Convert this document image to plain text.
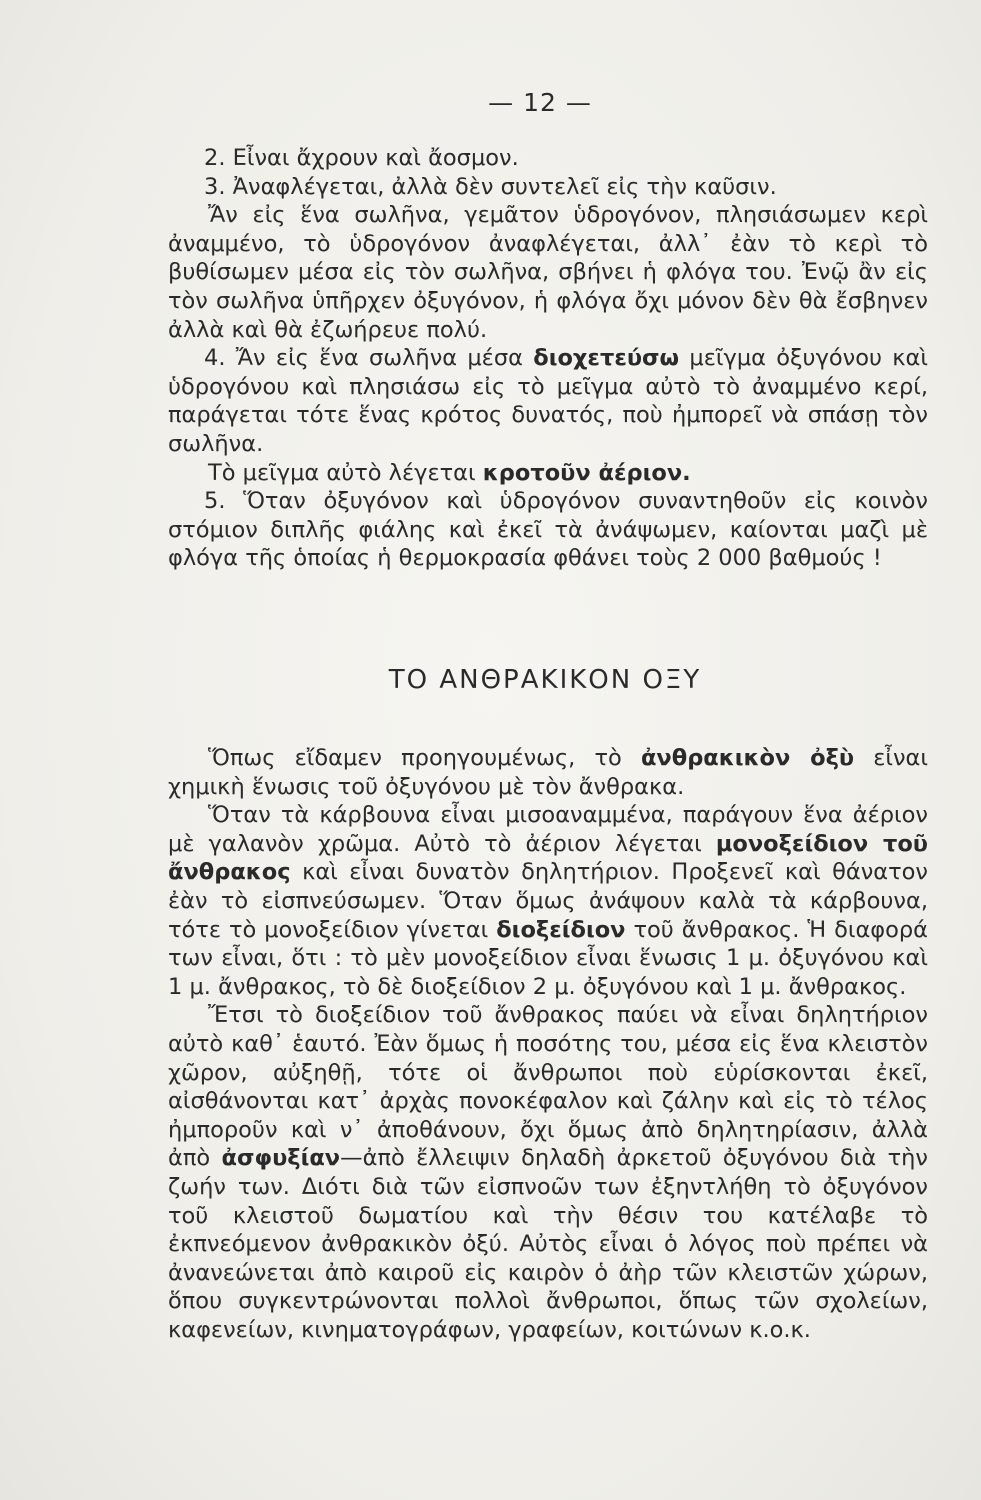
— 12 —

2. Εἶναι ἄχρουν καὶ ἄοσμον.

3. Ἀναφλέγεται, ἀλλὰ δὲν συντελεῖ εἰς τὴν καῦσιν.

Ἄν εἰς ἕνα σωλῆνα, γεμᾶτον ὑδρογόνον, πλησιάσωμεν κερὶ ἀναμμένο, τὸ ὑδρογόνον ἀναφλέγεται, ἀλλ᾽ ἐὰν τὸ κερὶ τὸ βυθίσωμεν μέσα εἰς τὸν σωλῆνα, σβήνει ἡ φλόγα του. Ἐνῷ ἂν εἰς τὸν σωλῆνα ὑπῆρχεν ὀξυγόνον, ἡ φλόγα ὄχι μόνον δὲν θὰ ἔσβηνεν ἀλλὰ καὶ θὰ ἐζωήρευε πολύ.

4. Ἄν εἰς ἕνα σωλῆνα μέσα διοχετεύσω μεῖγμα ὀξυγόνου καὶ ὑδρογόνου καὶ πλησιάσω εἰς τὸ μεῖγμα αὐτὸ τὸ ἀναμμένο κερί, παράγεται τότε ἕνας κρότος δυνατός, ποὺ ἠμπορεῖ νὰ σπάσῃ τὸν σωλῆνα.

Τὸ μεῖγμα αὐτὸ λέγεται κροτοῦν ἀέριον.

5. Ὅταν ὀξυγόνον καὶ ὑδρογόνον συναντηθοῦν εἰς κοινὸν στόμιον διπλῆς φιάλης καὶ ἐκεῖ τὰ ἀνάψωμεν, καίονται μαζὶ μὲ φλόγα τῆς ὁποίας ἡ θερμοκρασία φθάνει τοὺς 2 000 βαθμούς !

ΤΟ ΑΝΘΡΑΚΙΚΟΝ ΟΞΥ

Ὅπως εἴδαμεν προηγουμένως, τὸ ἀνθρακικὸν ὀξὺ εἶναι χημικὴ ἕνωσις τοῦ ὀξυγόνου μὲ τὸν ἄνθρακα.

Ὅταν τὰ κάρβουνα εἶναι μισοαναμμένα, παράγουν ἕνα ἀέριον μὲ γαλανὸν χρῶμα. Αὐτὸ τὸ ἀέριον λέγεται μονοξείδιον τοῦ ἄνθρακος καὶ εἶναι δυνατὸν δηλητήριον. Προξενεῖ καὶ θάνατον ἐὰν τὸ εἰσπνεύσωμεν. Ὅταν ὅμως ἀνάψουν καλὰ τὰ κάρβουνα, τότε τὸ μονοξείδιον γίνεται διοξείδιον τοῦ ἄνθρακος. Ἡ διαφορά των εἶναι, ὅτι : τὸ μὲν μονοξείδιον εἶναι ἕνωσις 1 μ. ὀξυγόνου καὶ 1 μ. ἄνθρακος, τὸ δὲ διοξείδιον 2 μ. ὀξυγόνου καὶ 1 μ. ἄνθρακος.

Ἔτσι τὸ διοξείδιον τοῦ ἄνθρακος παύει νὰ εἶναι δηλητήριον αὐτὸ καθ᾽ ἑαυτό. Ἐὰν ὅμως ἡ ποσότης του, μέσα εἰς ἕνα κλειστὸν χῶρον, αὐξηθῇ, τότε οἱ ἄνθρωποι ποὺ εὑρίσκονται ἐκεῖ, αἰσθάνονται κατ᾽ ἀρχὰς πονοκέφαλον καὶ ζάλην καὶ εἰς τὸ τέλος ἠμποροῦν καὶ ν᾽ ἀποθάνουν, ὄχι ὅμως ἀπὸ δηλητηρίασιν, ἀλλὰ ἀπὸ ἀσφυξίαν—ἀπὸ ἔλλειψιν δηλαδὴ ἀρκετοῦ ὀξυγόνου διὰ τὴν ζωήν των. Διότι διὰ τῶν εἰσπνοῶν των ἐξηντλήθη τὸ ὀξυγόνον τοῦ κλειστοῦ δωματίου καὶ τὴν θέσιν του κατέλαβε τὸ ἐκπνεόμενον ἀνθρακικὸν ὀξύ. Αὐτὸς εἶναι ὁ λόγος ποὺ πρέπει νὰ ἀνανεώνεται ἀπὸ καιροῦ εἰς καιρὸν ὁ ἀὴρ τῶν κλειστῶν χώρων, ὅπου συγκεντρώνονται πολλοὶ ἄνθρωποι, ὅπως τῶν σχολείων, καφενείων, κινηματογράφων, γραφείων, κοιτώνων κ.ο.κ.
